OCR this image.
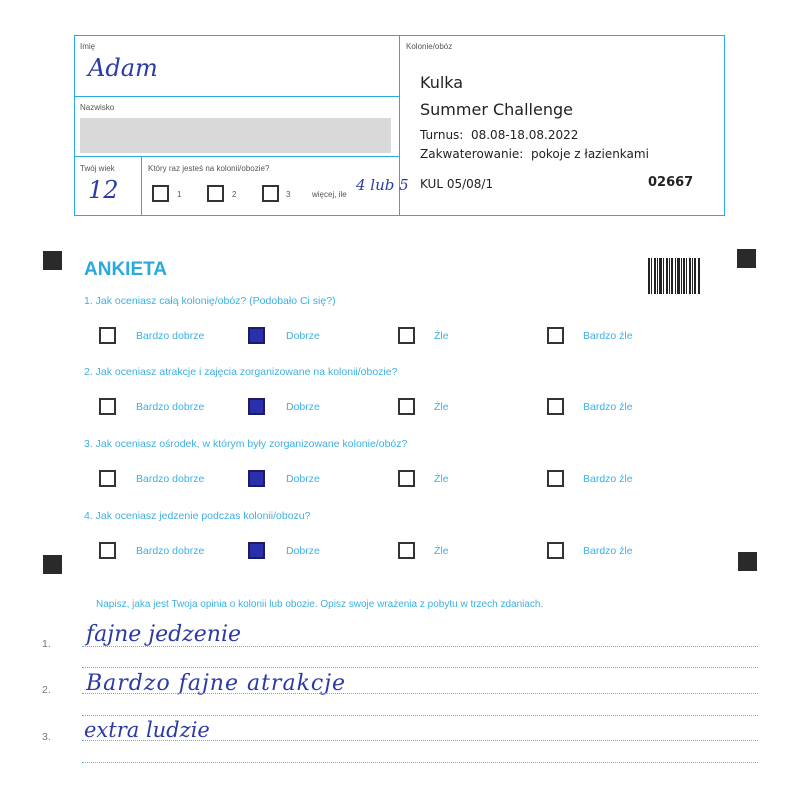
Imię
Adam
Nazwisko
Twój wiek
12
Który raz jesteś na kolonii/obozie?
1	2	3	więcej, ile
4 lub 5
Kolonie/obóz
Kulka
Summer Challenge
Turnus:  08.08-18.08.2022
Zakwaterowanie:  pokoje z łazienkami
KUL 05/08/1	02667
ANKIETA
1. Jak oceniasz całą kolonię/obóz? (Podobało Ci się?)
Bardzo dobrze	Dobrze	Źle	Bardzo źle
2. Jak oceniasz atrakcje i zajęcia zorganizowane na kolonii/obozie?
Bardzo dobrze	Dobrze	Źle	Bardzo źle
3. Jak oceniasz ośrodek, w którym były zorganizowane kolonie/obóz?
Bardzo dobrze	Dobrze	Źle	Bardzo źle
4. Jak oceniasz jedzenie podczas kolonii/obozu?
Bardzo dobrze	Dobrze	Źle	Bardzo źle
Napisz, jaka jest Twoja opinia o kolonii lub obozie. Opisz swoje wrażenia z pobytu w trzech zdaniach.
1. fajne jedzenie
2. Bardzo fajne atrakcje
3. extra ludzie
